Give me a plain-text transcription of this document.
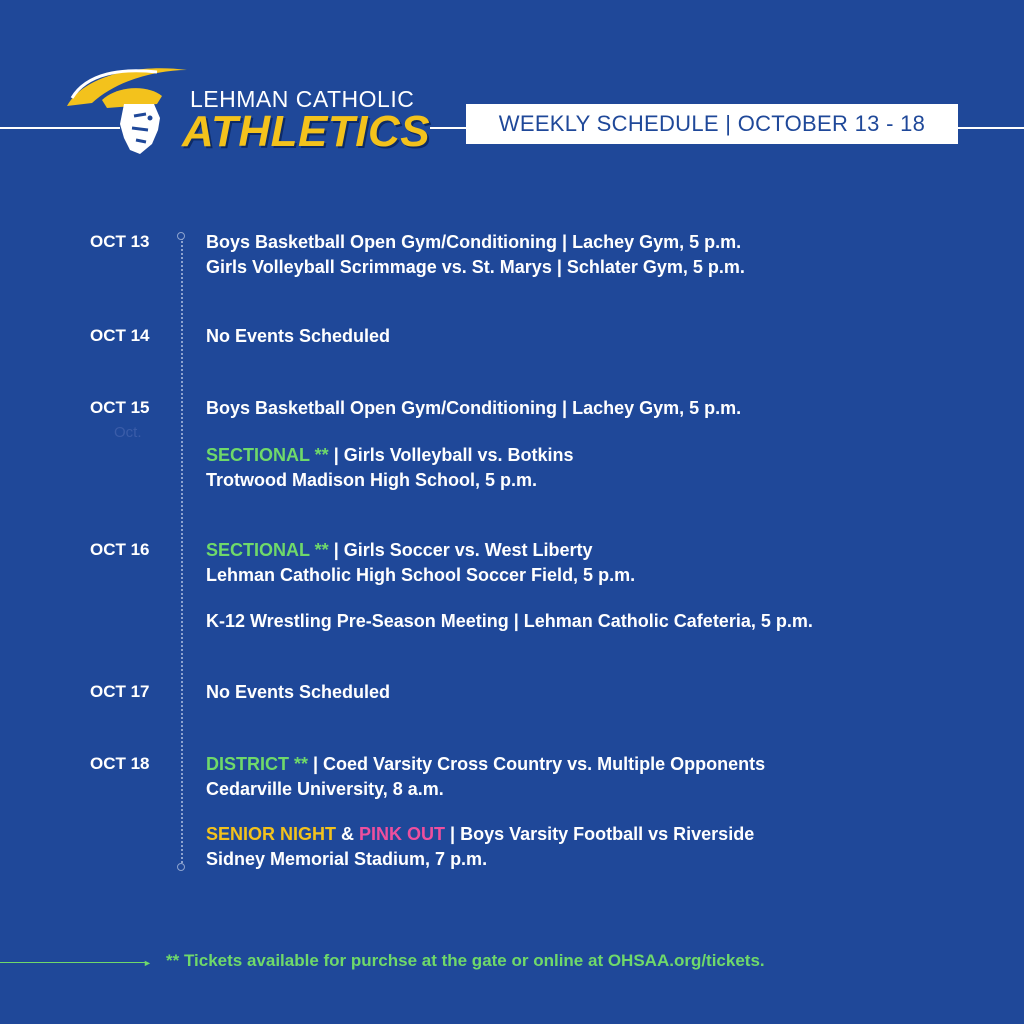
LEHMAN CATHOLIC
ATHLETICS	WEEKLY SCHEDULE | OCTOBER 13 - 18
Oct.
OCT 13	Boys Basketball Open Gym/Conditioning | Lachey Gym, 5 p.m.
Girls Volleyball Scrimmage vs. St. Marys | Schlater Gym, 5 p.m.
OCT 14	No Events Scheduled
OCT 15	Boys Basketball Open Gym/Conditioning | Lachey Gym, 5 p.m.
SECTIONAL ** | Girls Volleyball vs. Botkins
Trotwood Madison High School, 5 p.m.
OCT 16	SECTIONAL ** | Girls Soccer vs. West Liberty
Lehman Catholic High School Soccer Field, 5 p.m.
K-12 Wrestling Pre-Season Meeting | Lehman Catholic Cafeteria, 5 p.m.
OCT 17	No Events Scheduled
OCT 18	DISTRICT ** | Coed Varsity Cross Country vs. Multiple Opponents
Cedarville University, 8 a.m.
SENIOR NIGHT & PINK OUT | Boys Varsity Football vs Riverside
Sidney Memorial Stadium, 7 p.m.
► ** Tickets available for purchse at the gate or online at OHSAA.org/tickets.
